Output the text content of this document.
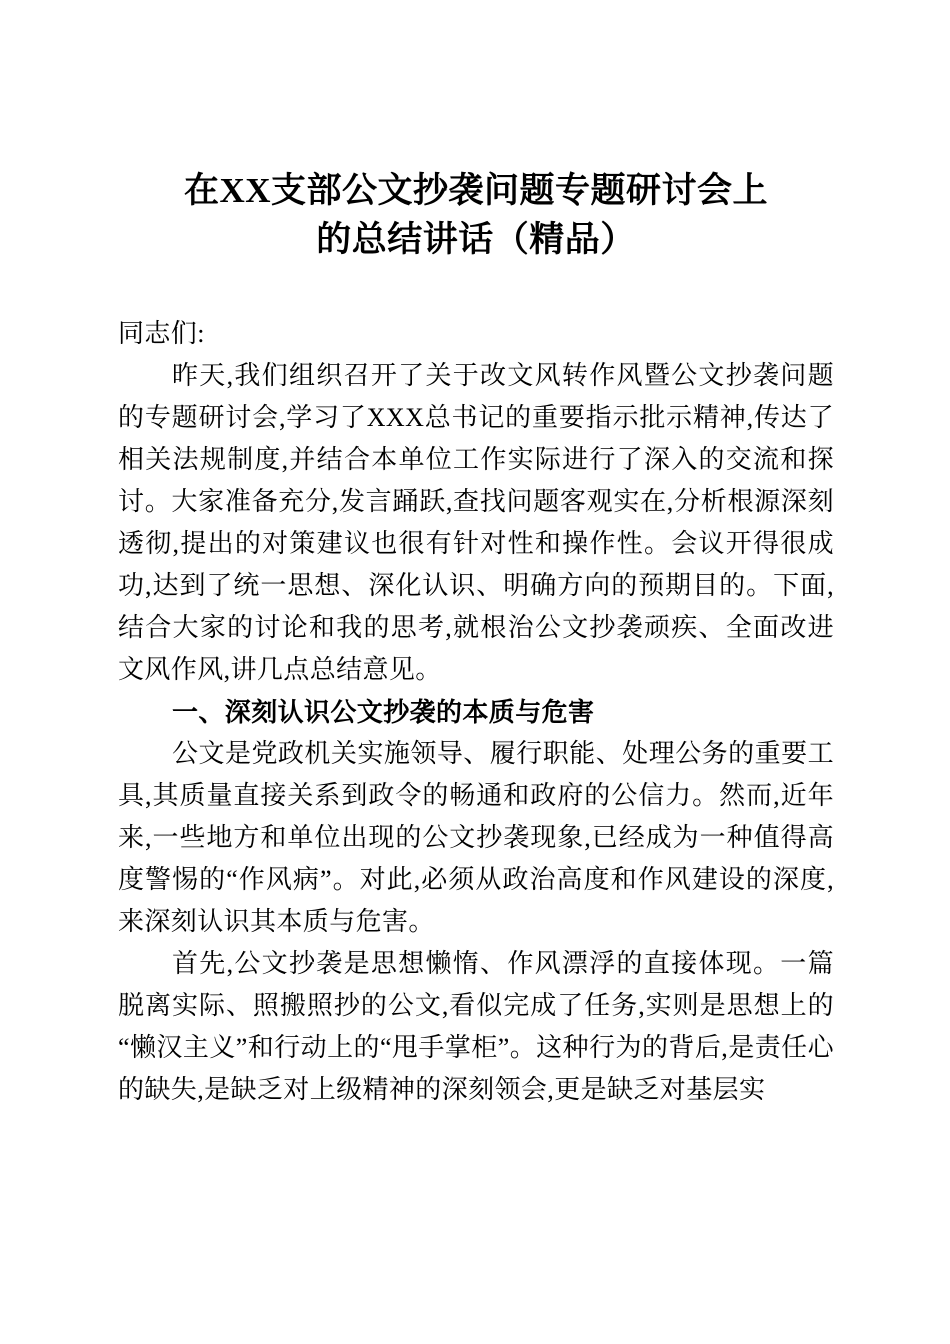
在XX支部公文抄袭问题专题研讨会上
的总结讲话（精品）

同志们:

昨天,我们组织召开了关于改文风转作风暨公文抄袭问题的专题研讨会,学习了XXX总书记的重要指示批示精神,传达了相关法规制度,并结合本单位工作实际进行了深入的交流和探讨。大家准备充分,发言踊跃,查找问题客观实在,分析根源深刻透彻,提出的对策建议也很有针对性和操作性。会议开得很成功,达到了统一思想、深化认识、明确方向的预期目的。下面,结合大家的讨论和我的思考,就根治公文抄袭顽疾、全面改进文风作风,讲几点总结意见。

一、深刻认识公文抄袭的本质与危害

公文是党政机关实施领导、履行职能、处理公务的重要工具,其质量直接关系到政令的畅通和政府的公信力。然而,近年来,一些地方和单位出现的公文抄袭现象,已经成为一种值得高度警惕的“作风病”。对此,必须从政治高度和作风建设的深度,来深刻认识其本质与危害。

首先,公文抄袭是思想懒惰、作风漂浮的直接体现。一篇脱离实际、照搬照抄的公文,看似完成了任务,实则是思想上的“懒汉主义”和行动上的“甩手掌柜”。这种行为的背后,是责任心的缺失,是缺乏对上级精神的深刻领会,更是缺乏对基层实
